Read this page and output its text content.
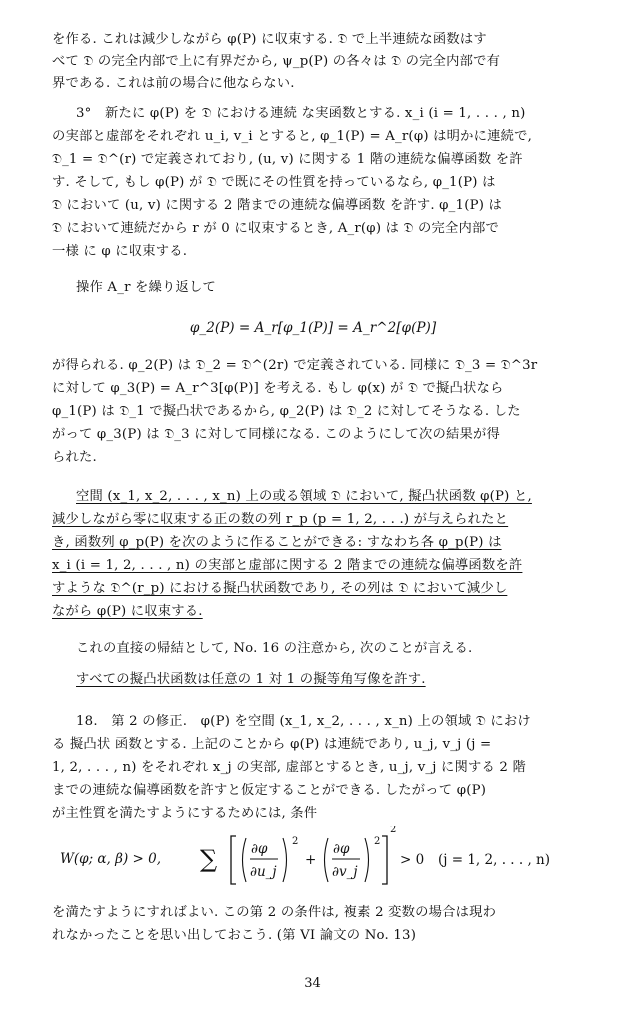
を作る. これは減少しながら φ(P) に収束する. 𝔇 で上半連続な函数はす
べて 𝔇 の完全内部で上に有界だから, ψ_p(P) の各々は 𝔇 の完全内部で有
界である. これは前の場合に他ならない.
3°　新たに φ(P) を 𝔇 における連続 な実函数とする. x_i (i = 1, . . . , n)
の実部と虚部をそれぞれ u_i, v_i とすると, φ_1(P) = A_r(φ) は明かに連続で,
𝔇_1 = 𝔇^(r) で定義されており, (u, v) に関する 1 階の連続な偏導函数 を許
す. そして, もし φ(P) が 𝔇 で既にその性質を持っているなら, φ_1(P) は
𝔇 において (u, v) に関する 2 階までの連続な偏導函数 を許す. φ_1(P) は
𝔇 において連続だから r が 0 に収束するとき, A_r(φ) は 𝔇 の完全内部で
一様 に φ に収束する.
操作 A_r を繰り返して
φ_2(P) = A_r[φ_1(P)] = A_r^2[φ(P)]
が得られる. φ_2(P) は 𝔇_2 = 𝔇^(2r) で定義されている. 同様に 𝔇_3 = 𝔇^3r
に対して φ_3(P) = A_r^3[φ(P)] を考える. もし φ(x) が 𝔇 で擬凸状なら
φ_1(P) は 𝔇_1 で擬凸状であるから, φ_2(P) は 𝔇_2 に対してそうなる. した
がって φ_3(P) は 𝔇_3 に対して同様になる. このようにして次の結果が得
られた.
空間 (x_1, x_2, . . . , x_n) 上の或る領域 𝔇 において, 擬凸状函数 φ(P) と,
減少しながら零に収束する正の数の列 r_p (p = 1, 2, . . .) が与えられたと
き, 函数列 φ_p(P) を次のように作ることができる: すなわち各 φ_p(P) は
x_i (i = 1, 2, . . . , n) の実部と虚部に関する 2 階までの連続な偏導函数を許
すような 𝔇^(r_p) における擬凸状函数であり, その列は 𝔇 において減少し
ながら φ(P) に収束する.
これの直接の帰結として, No. 16 の注意から, 次のことが言える.
すべての擬凸状函数は任意の 1 対 1 の擬等角写像を許す.
18.　第 2 の修正.　φ(P) を空間 (x_1, x_2, . . . , x_n) 上の領域 𝔇 におけ
る 擬凸状 函数とする. 上記のことから φ(P) は連続であり, u_j, v_j (j =
1, 2, . . . , n) をそれぞれ x_j の実部, 虚部とするとき, u_j, v_j に関する 2 階
までの連続な偏導函数を許すと仮定することができる. したがって φ(P)
が主性質を満たすようにするためには, 条件
W(φ; α, β) > 0, ∑	∂φ
∂u_j
2
+
∂φ
∂v_j
2
2
> 0 (j = 1, 2, . . . , n)
を満たすようにすればよい. この第 2 の条件は, 複素 2 変数の場合は現わ
れなかったことを思い出しておこう. (第 VI 論文の No. 13)
34
